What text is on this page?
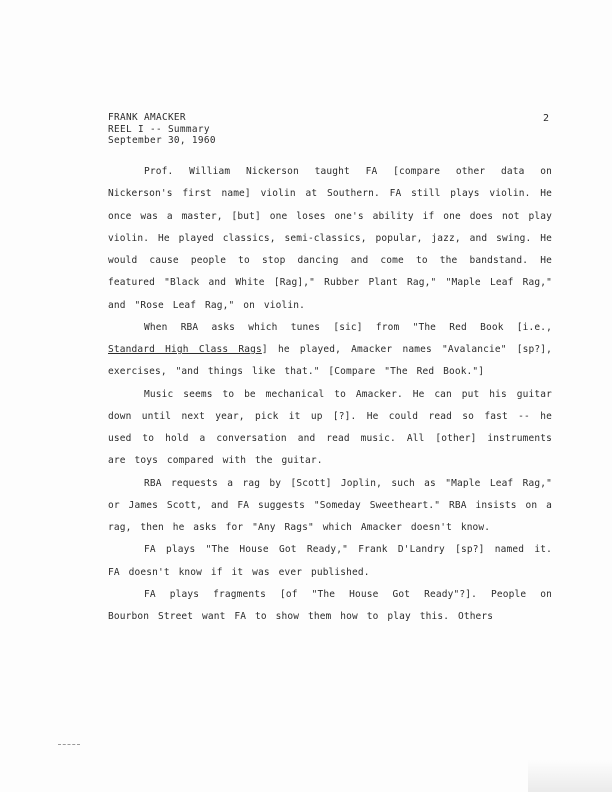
FRANK AMACKER
REEL I -- Summary
September 30, 1960
2

Prof. William Nickerson taught FA [compare other data on Nickerson's first name] violin at Southern. FA still plays violin. He once was a master, [but] one loses one's ability if one does not play violin. He played classics, semi-classics, popular, jazz, and swing. He would cause people to stop dancing and come to the bandstand. He featured "Black and White [Rag]," Rubber Plant Rag," "Maple Leaf Rag," and "Rose Leaf Rag," on violin.

When RBA asks which tunes [sic] from "The Red Book [i.e., Standard High Class Rags] he played, Amacker names "Avalancie" [sp?], exercises, "and things like that." [Compare "The Red Book."]

Music seems to be mechanical to Amacker. He can put his guitar down until next year, pick it up [?]. He could read so fast -- he used to hold a conversation and read music. All [other] instruments are toys compared with the guitar.

RBA requests a rag by [Scott] Joplin, such as "Maple Leaf Rag," or James Scott, and FA suggests "Someday Sweetheart." RBA insists on a rag, then he asks for "Any Rags" which Amacker doesn't know.

FA plays "The House Got Ready," Frank D'Landry [sp?] named it. FA doesn't know if it was ever published.

FA plays fragments [of "The House Got Ready"?]. People on Bourbon Street want FA to show them how to play this. Others
